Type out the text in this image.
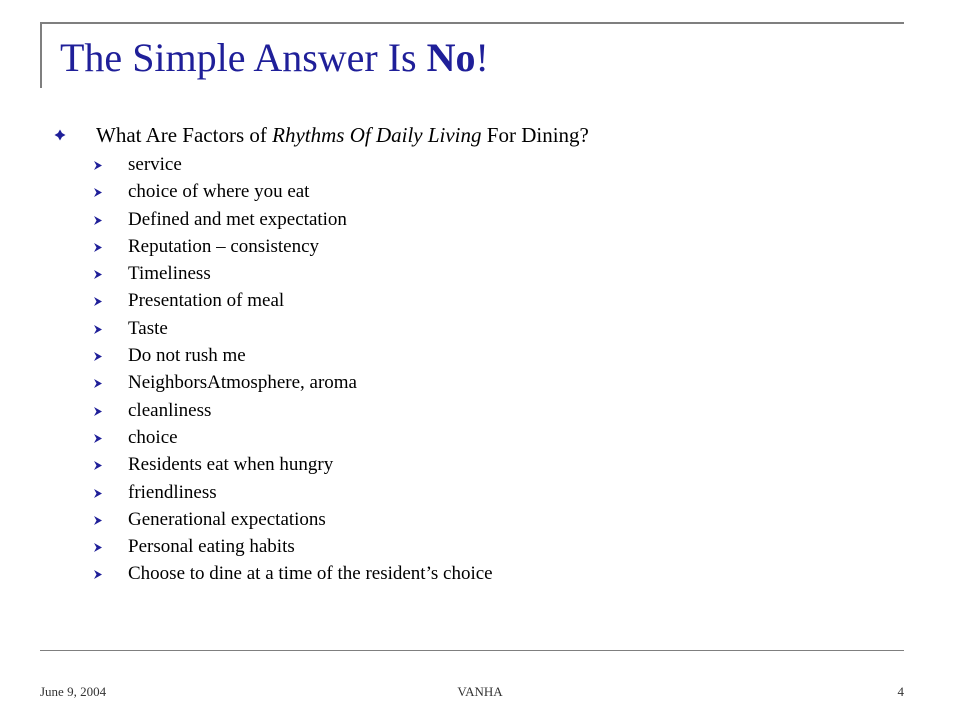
The Simple Answer Is No!
What Are Factors of Rhythms Of Daily Living For Dining?
service
choice of where you eat
Defined and met expectation
Reputation – consistency
Timeliness
Presentation of meal
Taste
Do not rush me
NeighborsAtmosphere, aroma
cleanliness
choice
Residents eat when hungry
friendliness
Generational expectations
Personal eating habits
Choose to dine at a time of the resident’s choice
June 9, 2004	VANHA	4
